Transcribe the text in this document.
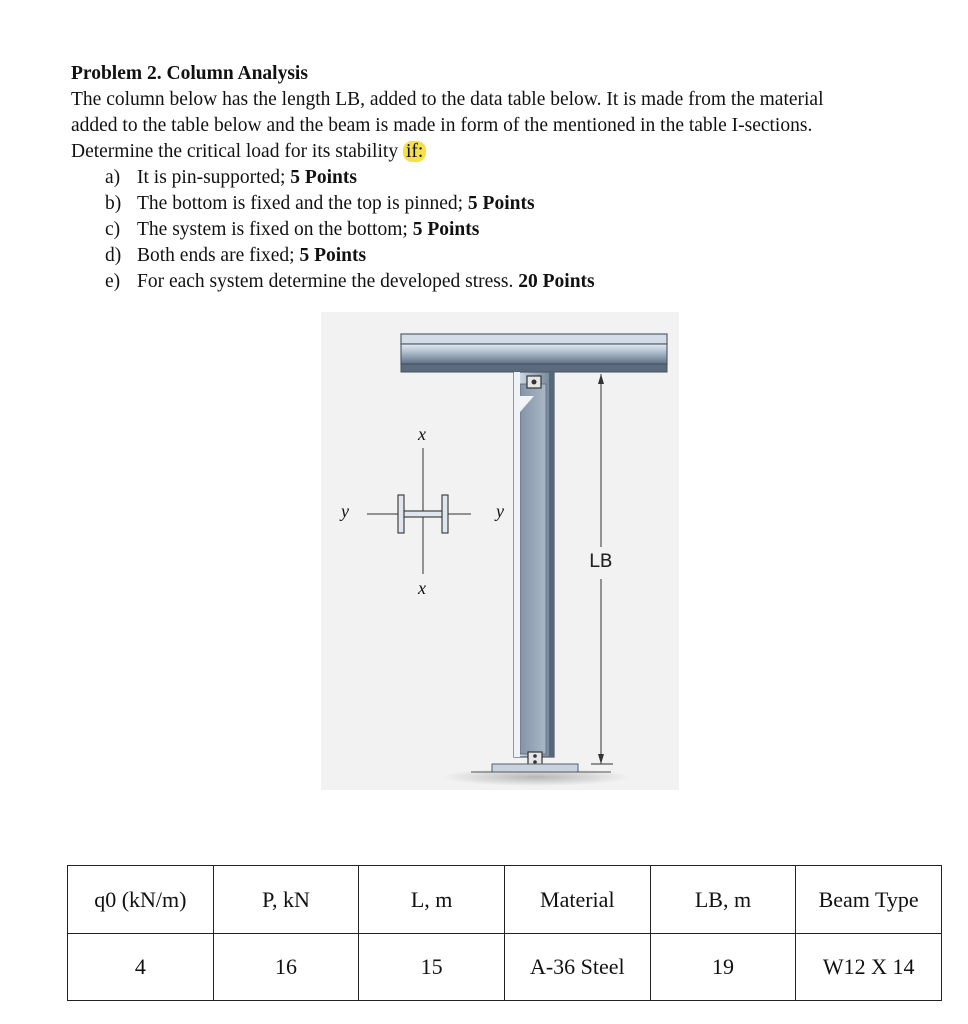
Problem 2. Column Analysis

The column below has the length LB, added to the data table below. It is made from the material
added to the table below and the beam is made in form of the mentioned in the table I-sections.
Determine the critical load for its stability if:

a) It is pin-supported; 5 Points
b) The bottom is fixed and the top is pinned; 5 Points
c) The system is fixed on the bottom; 5 Points
d) Both ends are fixed; 5 Points
e) For each system determine the developed stress. 20 Points
x
x
y	y
LB
q0 (kN/m)	P, kN	L, m	Material	LB, m	Beam Type
4	16	15	A-36 Steel	19	W12 X 14
